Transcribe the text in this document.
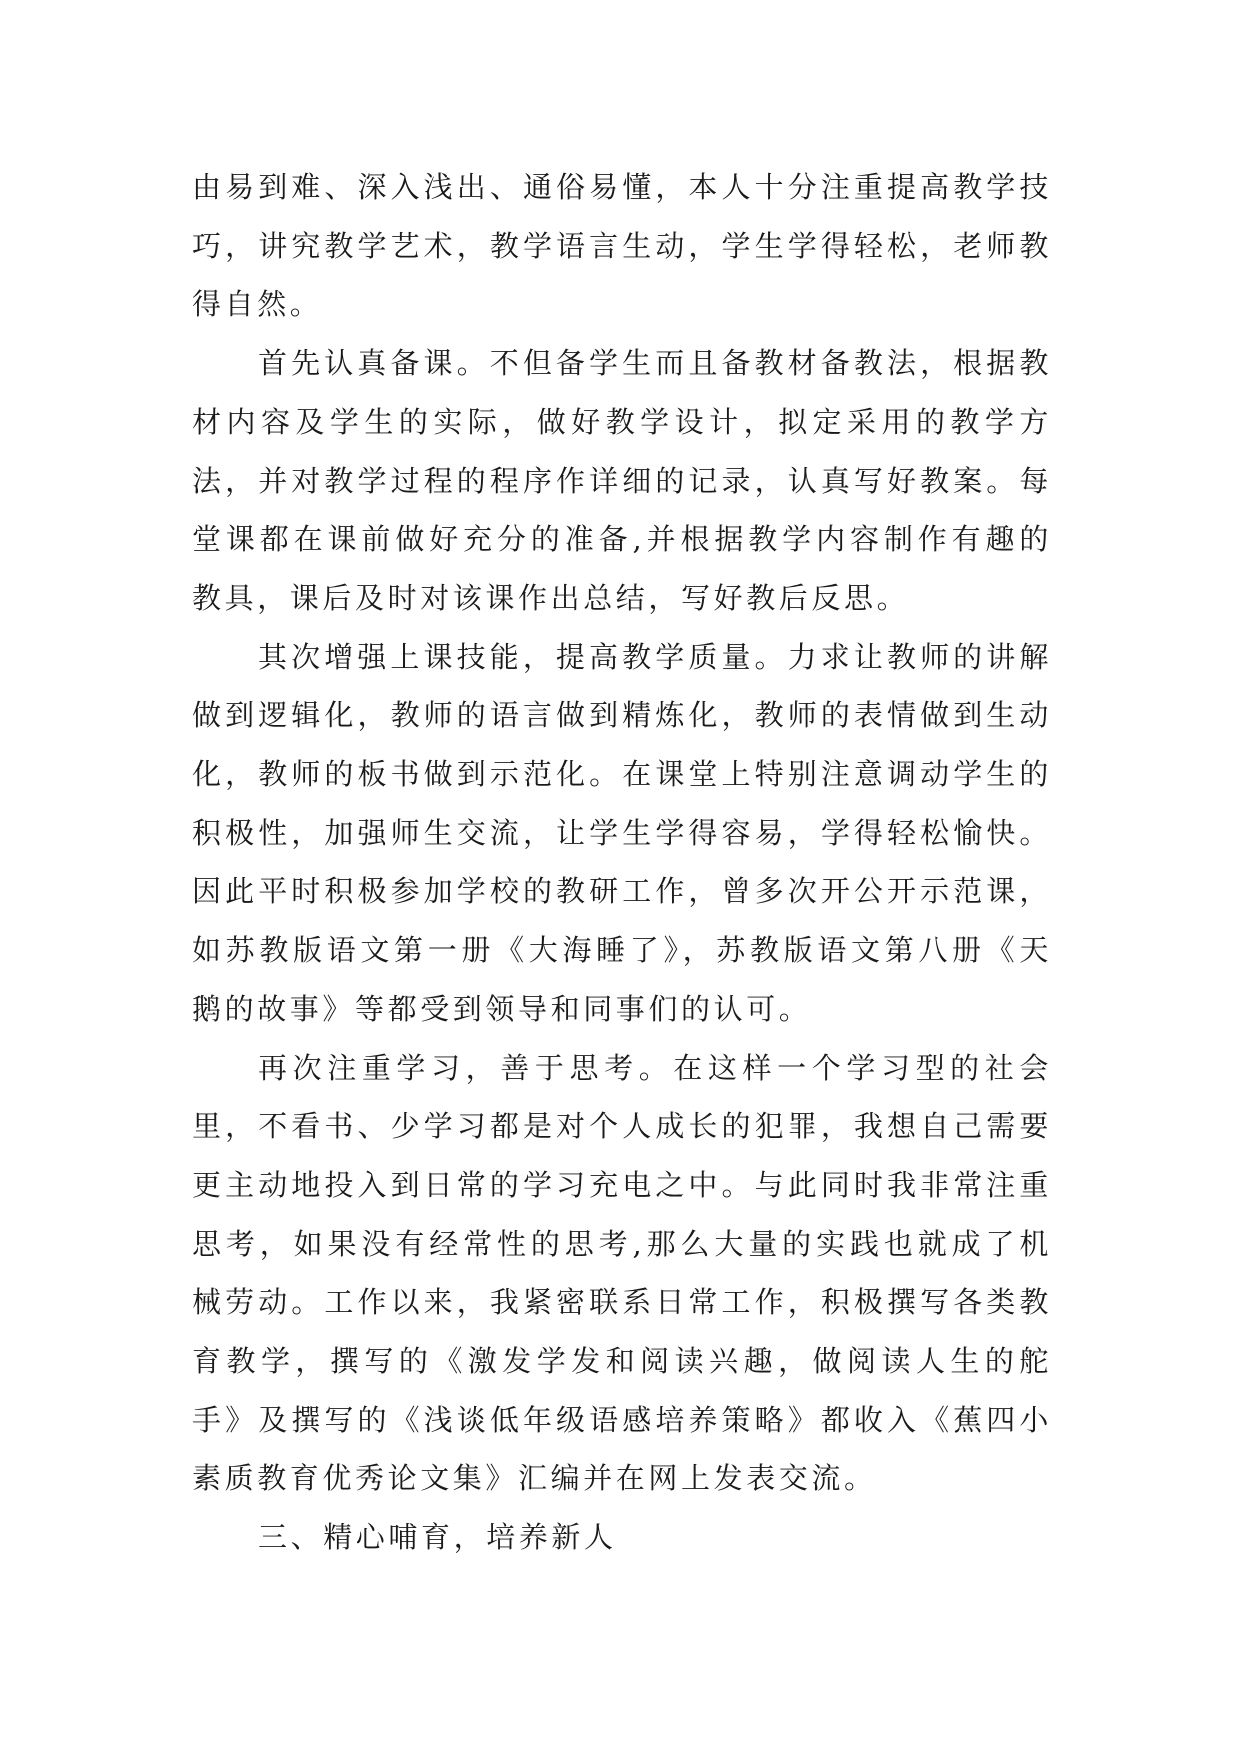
由易到难、深入浅出、通俗易懂，本人十分注重提高教学技巧，讲究教学艺术，教学语言生动，学生学得轻松，老师教得自然。

首先认真备课。不但备学生而且备教材备教法，根据教材内容及学生的实际，做好教学设计，拟定采用的教学方法，并对教学过程的程序作详细的记录，认真写好教案。每堂课都在课前做好充分的准备,并根据教学内容制作有趣的教具，课后及时对该课作出总结，写好教后反思。

其次增强上课技能，提高教学质量。力求让教师的讲解做到逻辑化，教师的语言做到精炼化，教师的表情做到生动化，教师的板书做到示范化。在课堂上特别注意调动学生的积极性，加强师生交流，让学生学得容易，学得轻松愉快。因此平时积极参加学校的教研工作，曾多次开公开示范课，如苏教版语文第一册《大海睡了》，苏教版语文第八册《天鹅的故事》等都受到领导和同事们的认可。

再次注重学习，善于思考。在这样一个学习型的社会里，不看书、少学习都是对个人成长的犯罪，我想自己需要更主动地投入到日常的学习充电之中。与此同时我非常注重思考，如果没有经常性的思考,那么大量的实践也就成了机械劳动。工作以来，我紧密联系日常工作，积极撰写各类教育教学，撰写的《激发学发和阅读兴趣，做阅读人生的舵手》及撰写的《浅谈低年级语感培养策略》都收入《蕉四小素质教育优秀论文集》汇编并在网上发表交流。

三、精心哺育，培养新人
